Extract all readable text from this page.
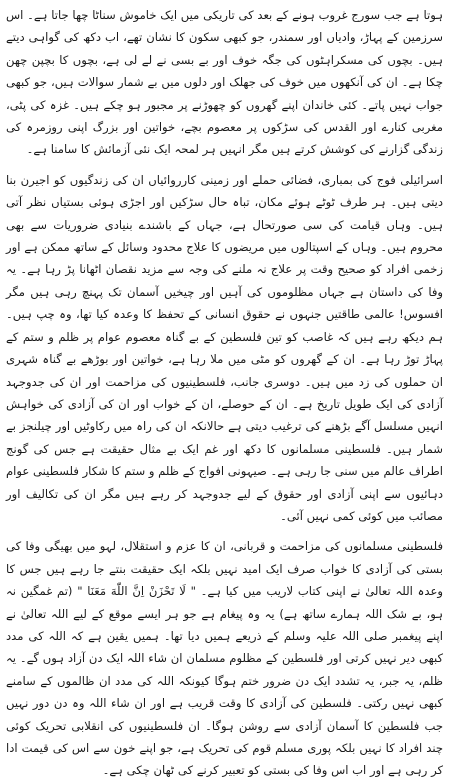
ہوتا ہے جب سورج غروب ہونے کے بعد کی تاریکی میں ایک خاموش سناٹا چھا جاتا ہے۔ اس سرزمین کے پہاڑ، وادیاں اور سمندر، جو کبھی سکون کا نشان تھے، اب دکھ کی گواہی دیتے ہیں۔ بچوں کی مسکراہٹوں کی جگہ خوف اور بے بسی نے لے لی ہے، بچوں کا بچپن چھن چکا ہے۔ ان کی آنکھوں میں خوف کی جھلک اور دلوں میں بے شمار سوالات ہیں، جو کبھی جواب نہیں پاتے۔ کئی خاندان اپنے گھروں کو چھوڑنے پر مجبور ہو چکے ہیں۔ غزہ کی پٹی، مغربی کنارے اور القدس کی سڑکوں پر معصوم بچے، خواتین اور بزرگ اپنی روزمرہ کی زندگی گزارنے کی کوشش کرتے ہیں مگر انہیں ہر لمحہ ایک نئی آزمائش کا سامنا ہے۔

اسرائیلی فوج کی بمباری، فضائی حملے اور زمینی کارروائیاں ان کی زندگیوں کو اجیرن بنا دیتی ہیں۔ ہر طرف ٹوٹے ہوئے مکان، تباہ حال سڑکیں اور اجڑی ہوئی بستیاں نظر آتی ہیں۔ وہاں قیامت کی سی صورتحال ہے، جہاں کے باشندے بنیادی ضروریات سے بھی محروم ہیں۔ وہاں کے اسپتالوں میں مریضوں کا علاج محدود وسائل کے ساتھ ممکن ہے اور زخمی افراد کو صحیح وقت پر علاج نہ ملنے کی وجہ سے مزید نقصان اٹھانا پڑ رہا ہے۔ یہ وفا کی داستان ہے جہاں مظلوموں کی آہیں اور چیخیں آسمان تک پہنچ رہی ہیں مگر افسوس! عالمی طاقتیں جنہوں نے حقوق انسانی کے تحفظ کا وعدہ کیا تھا، وہ چپ ہیں۔ ہم دیکھ رہے ہیں کہ غاصب کو تین فلسطین کے بے گناہ معصوم عوام پر ظلم و ستم کے پہاڑ توڑ رہا ہے۔ ان کے گھروں کو مٹی میں ملا رہا ہے، خواتین اور بوڑھے بے گناہ شہری ان حملوں کی زد میں ہیں۔ دوسری جانب، فلسطینیوں کی مزاحمت اور ان کی جدوجہد آزادی کی ایک طویل تاریخ ہے۔ ان کے حوصلے، ان کے خواب اور ان کی آزادی کی خواہش انہیں مسلسل آگے بڑھنے کی ترغیب دیتی ہے حالانکہ ان کی راہ میں رکاوٹیں اور چیلنجز بے شمار ہیں۔ فلسطینی مسلمانوں کا دکھ اور غم ایک بے مثال حقیقت ہے جس کی گونج اطراف عالم میں سنی جا رہی ہے۔ صیہونی افواج کے ظلم و ستم کا شکار فلسطینی عوام دہائیوں سے اپنی آزادی اور حقوق کے لیے جدوجہد کر رہے ہیں مگر ان کی تکالیف اور مصائب میں کوئی کمی نہیں آئی۔

فلسطینی مسلمانوں کی مزاحمت و قربانی، ان کا عزم و استقلال، لہو میں بھیگی وفا کی بستی کی آزادی کا خواب صرف ایک امید نہیں بلکہ ایک حقیقت بنتے جا رہے ہیں جس کا وعدہ اللہ تعالیٰ نے اپنی کتاب لاریب میں کیا ہے۔ " لَا تَحْزَنْ اِنَّ اللّٰهَ مَعَنَا " (تم غمگین نہ ہو، بے شک اللہ ہمارے ساتھ ہے) یہ وہ پیغام ہے جو ہر ایسے موقع کے لیے اللہ تعالیٰ نے اپنے پیغمبر صلی اللہ علیہ وسلم کے ذریعے ہمیں دیا تھا۔ ہمیں یقین ہے کہ اللہ کی مدد کبھی دیر نہیں کرتی اور فلسطین کے مظلوم مسلمان ان شاء اللہ ایک دن آزاد ہوں گے۔ یہ ظلم، یہ جبر، یہ تشدد ایک دن ضرور ختم ہوگا کیونکہ اللہ کی مدد ان ظالموں کے سامنے کبھی نہیں رکتی۔ فلسطین کی آزادی کا وقت قریب ہے اور ان شاء اللہ وہ دن دور نہیں جب فلسطین کا آسمان آزادی سے روشن ہوگا۔ ان فلسطینیوں کی انقلابی تحریک کوئی چند افراد کا نہیں بلکہ پوری مسلم قوم کی تحریک ہے، جو اپنے خون سے اس کی قیمت ادا کر رہی ہے اور اب اس وفا کی بستی کو تعبیر کرنے کی ٹھان چکی ہے۔
